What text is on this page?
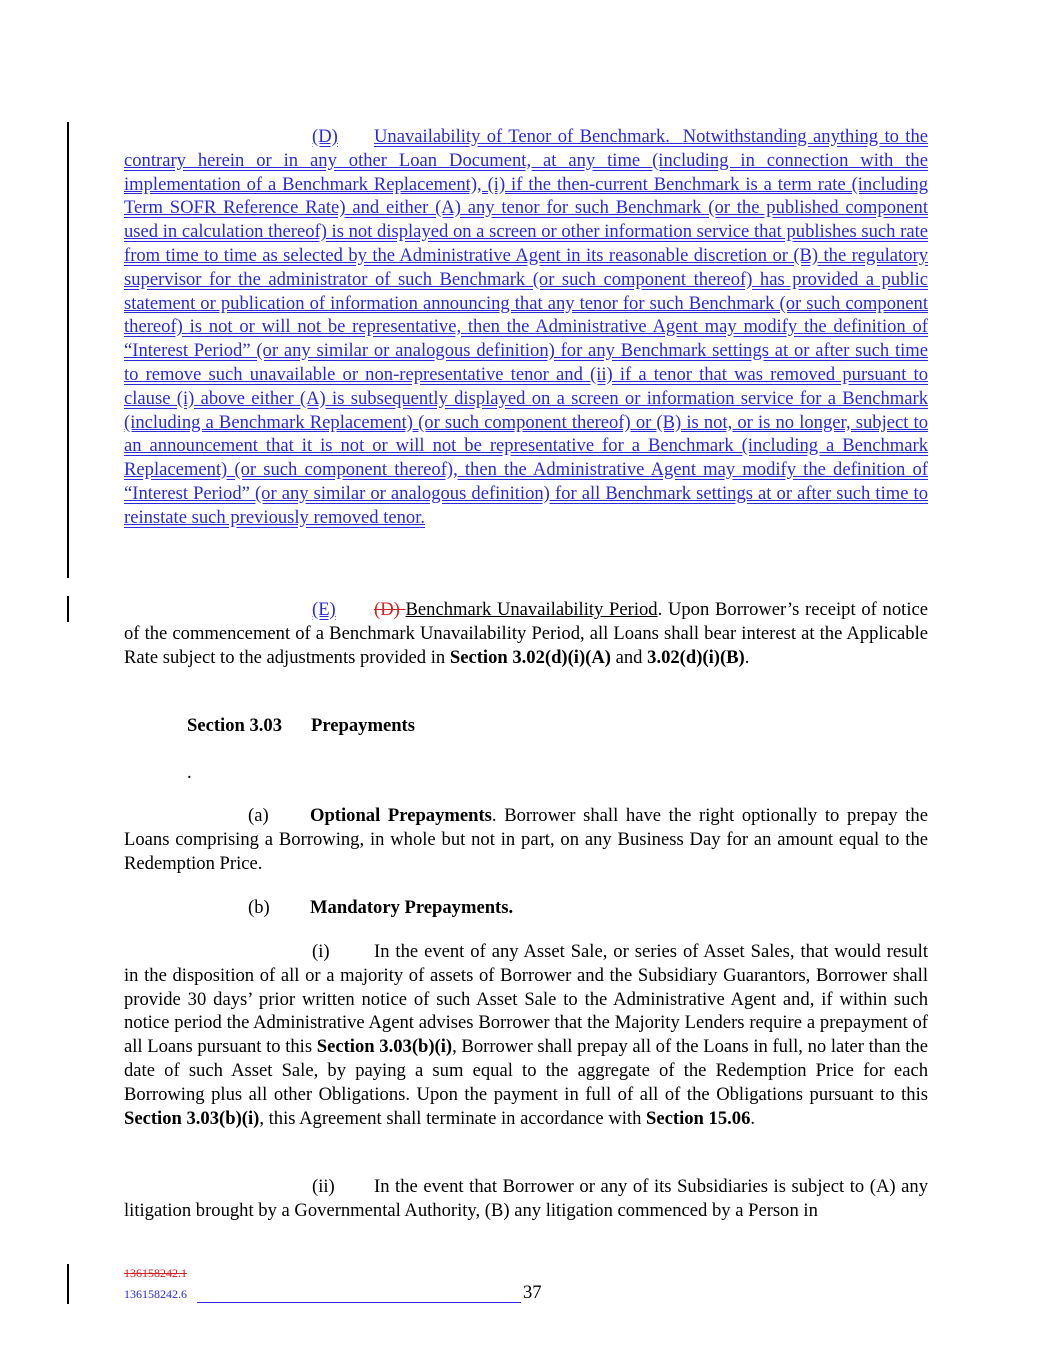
(D) Unavailability of Tenor of Benchmark. Notwithstanding anything to the contrary herein or in any other Loan Document, at any time (including in connection with the implementation of a Benchmark Replacement), (i) if the then-current Benchmark is a term rate (including Term SOFR Reference Rate) and either (A) any tenor for such Benchmark (or the published component used in calculation thereof) is not displayed on a screen or other information service that publishes such rate from time to time as selected by the Administrative Agent in its reasonable discretion or (B) the regulatory supervisor for the administrator of such Benchmark (or such component thereof) has provided a public statement or publication of information announcing that any tenor for such Benchmark (or such component thereof) is not or will not be representative, then the Administrative Agent may modify the definition of “Interest Period” (or any similar or analogous definition) for any Benchmark settings at or after such time to remove such unavailable or non-representative tenor and (ii) if a tenor that was removed pursuant to clause (i) above either (A) is subsequently displayed on a screen or information service for a Benchmark (including a Benchmark Replacement) (or such component thereof) or (B) is not, or is no longer, subject to an announcement that it is not or will not be representative for a Benchmark (including a Benchmark Replacement) (or such component thereof), then the Administrative Agent may modify the definition of “Interest Period” (or any similar or analogous definition) for all Benchmark settings at or after such time to reinstate such previously removed tenor.
(E) (D) Benchmark Unavailability Period. Upon Borrower’s receipt of notice of the commencement of a Benchmark Unavailability Period, all Loans shall bear interest at the Applicable Rate subject to the adjustments provided in Section 3.02(d)(i)(A) and 3.02(d)(i)(B).
Section 3.03 Prepayments
.
(a) Optional Prepayments. Borrower shall have the right optionally to prepay the Loans comprising a Borrowing, in whole but not in part, on any Business Day for an amount equal to the Redemption Price.
(b) Mandatory Prepayments.
(i) In the event of any Asset Sale, or series of Asset Sales, that would result in the disposition of all or a majority of assets of Borrower and the Subsidiary Guarantors, Borrower shall provide 30 days’ prior written notice of such Asset Sale to the Administrative Agent and, if within such notice period the Administrative Agent advises Borrower that the Majority Lenders require a prepayment of all Loans pursuant to this Section 3.03(b)(i), Borrower shall prepay all of the Loans in full, no later than the date of such Asset Sale, by paying a sum equal to the aggregate of the Redemption Price for each Borrowing plus all other Obligations. Upon the payment in full of all of the Obligations pursuant to this Section 3.03(b)(i), this Agreement shall terminate in accordance with Section 15.06.
(ii) In the event that Borrower or any of its Subsidiaries is subject to (A) any litigation brought by a Governmental Authority, (B) any litigation commenced by a Person in
136158242.1
136158242.6	37
